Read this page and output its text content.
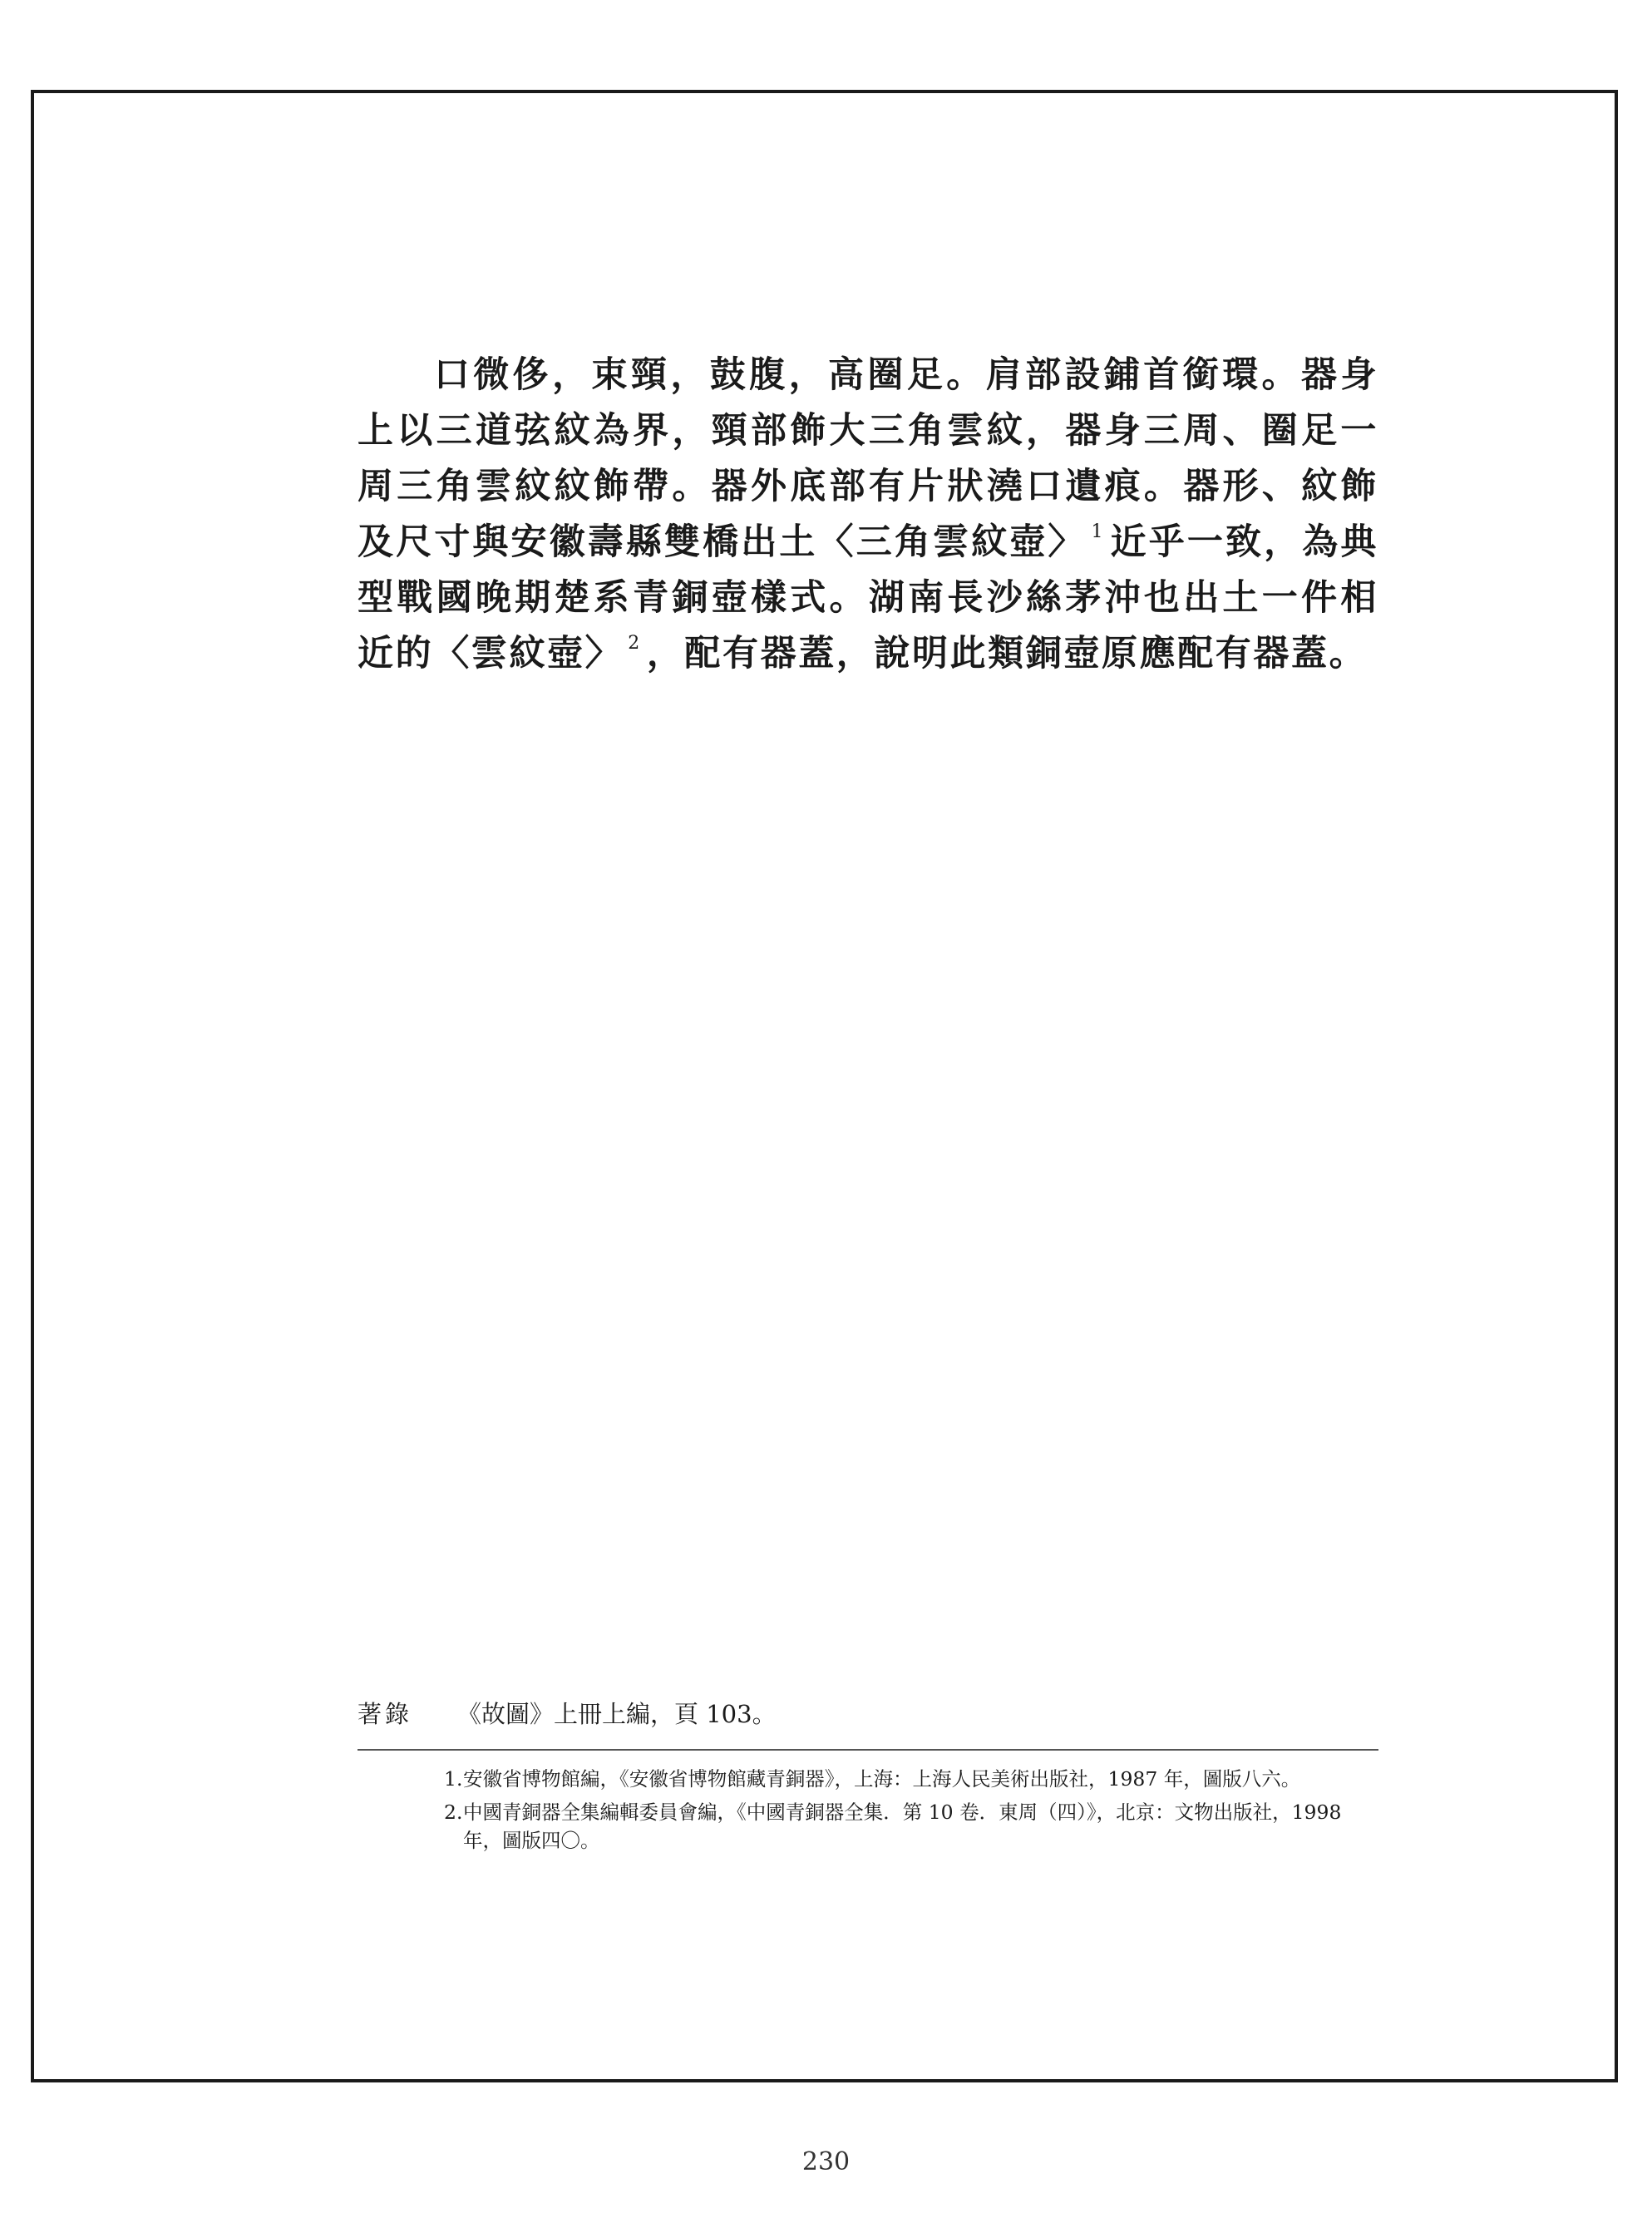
口微侈，束頸，鼓腹，高圈足。肩部設鋪首銜環。器身上以三道弦紋為界，頸部飾大三角雲紋，器身三周、圈足一周三角雲紋紋飾帶。器外底部有片狀澆口遺痕。器形、紋飾及尺寸與安徽壽縣雙橋出土〈三角雲紋壺〉 $^1$ 近乎一致，為典型戰國晚期楚系青銅壺樣式。湖南長沙絲茅沖也出土一件相近的〈雲紋壺〉 $^2$ ，配有器蓋，說明此類銅壺原應配有器蓋。

著錄 《故圖》上冊上編，頁 103。
1. 安徽省博物館編，《安徽省博物館藏青銅器》，上海：上海人民美術出版社，1987 年，圖版八六。
2. 中國青銅器全集編輯委員會編，《中國青銅器全集．第 10 卷．東周（四）》，北京：文物出版社，1998 年，圖版四〇。
230
